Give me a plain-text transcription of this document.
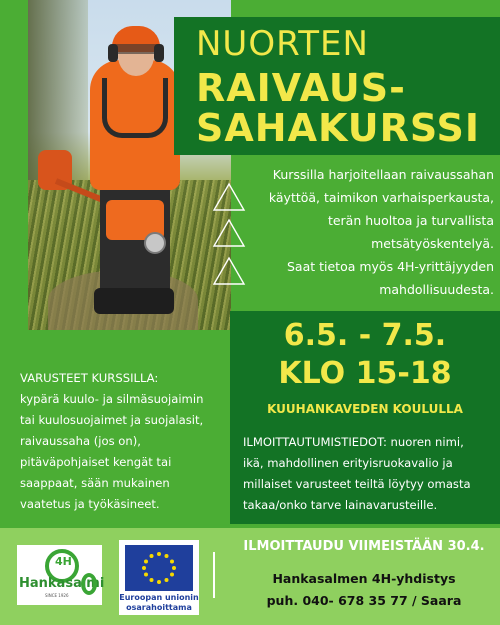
NUORTEN
RAIVAUS-
SAHAKURSSI
Kurssilla harjoitellaan raivaussahan
käyttöä, taimikon varhaisperkausta,
terän huoltoa ja turvallista
metsätyöskentelyä.
Saat tietoa myös 4H-yrittäjyyden
mahdollisuudesta.
6.5. - 7.5.
KLO 15-18
KUUHANKAVEDEN KOULULLA
ILMOITTAUTUMISTIEDOT: nuoren nimi,
ikä, mahdollinen erityisruokavalio ja
millaiset varusteet teiltä löytyy omasta
takaa/onko tarve lainavarusteille.
VARUSTEET KURSSILLA:
kypärä kuulo- ja silmäsuojaimin
tai kuulosuojaimet ja suojalasit,
raivaussaha (jos on),
pitäväpohjaiset kengät tai
saappaat, sään mukainen
vaatetus ja työkäsineet.
4H
Hankasalmi
SINCE 1926	Euroopan unionin
osarahoittama
ILMOITTAUDU VIIMEISTÄÄN 30.4.
Hankasalmen 4H-yhdistys
puh. 040- 678 35 77 / Saara
